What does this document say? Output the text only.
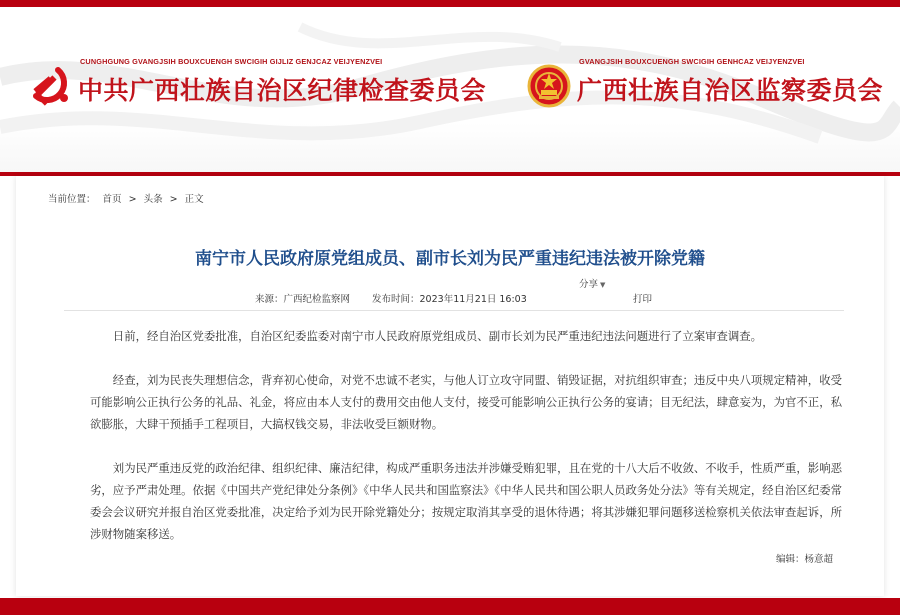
CUNGHGUNG GVANGJSIH BOUXCUENGH SWCIGIH GIJLIZ GENJCAZ VEIJYENZVEI
中共广西壮族自治区纪律检查委员会
GVANGJSIH BOUXCUENGH SWCIGIH GENHCAZ VEIJYENZVEI
广西壮族自治区监察委员会
当前位置： 首页 > 头条 > 正文
南宁市人民政府原党组成员、副市长刘为民严重违纪违法被开除党籍
分享 ▼
来源：广西纪检监察网 发布时间：2023年11月21日 16:03	打印

日前，经自治区党委批准，自治区纪委监委对南宁市人民政府原党组成员、副市长刘为民严重违纪违法问题进行了立案审查调查。

经查，刘为民丧失理想信念，背弃初心使命，对党不忠诚不老实，与他人订立攻守同盟、销毁证据，对抗组织审查；违反中央八项规定精神，收受可能影响公正执行公务的礼品、礼金，将应由本人支付的费用交由他人支付，接受可能影响公正执行公务的宴请；目无纪法，肆意妄为，为官不正，私欲膨胀，大肆干预插手工程项目，大搞权钱交易，非法收受巨额财物。

刘为民严重违反党的政治纪律、组织纪律、廉洁纪律，构成严重职务违法并涉嫌受贿犯罪，且在党的十八大后不收敛、不收手，性质严重，影响恶劣，应予严肃处理。依据《中国共产党纪律处分条例》《中华人民共和国监察法》《中华人民共和国公职人员政务处分法》等有关规定，经自治区纪委常委会会议研究并报自治区党委批准，决定给予刘为民开除党籍处分；按规定取消其享受的退休待遇；将其涉嫌犯罪问题移送检察机关依法审查起诉，所涉财物随案移送。

编辑：杨意超
